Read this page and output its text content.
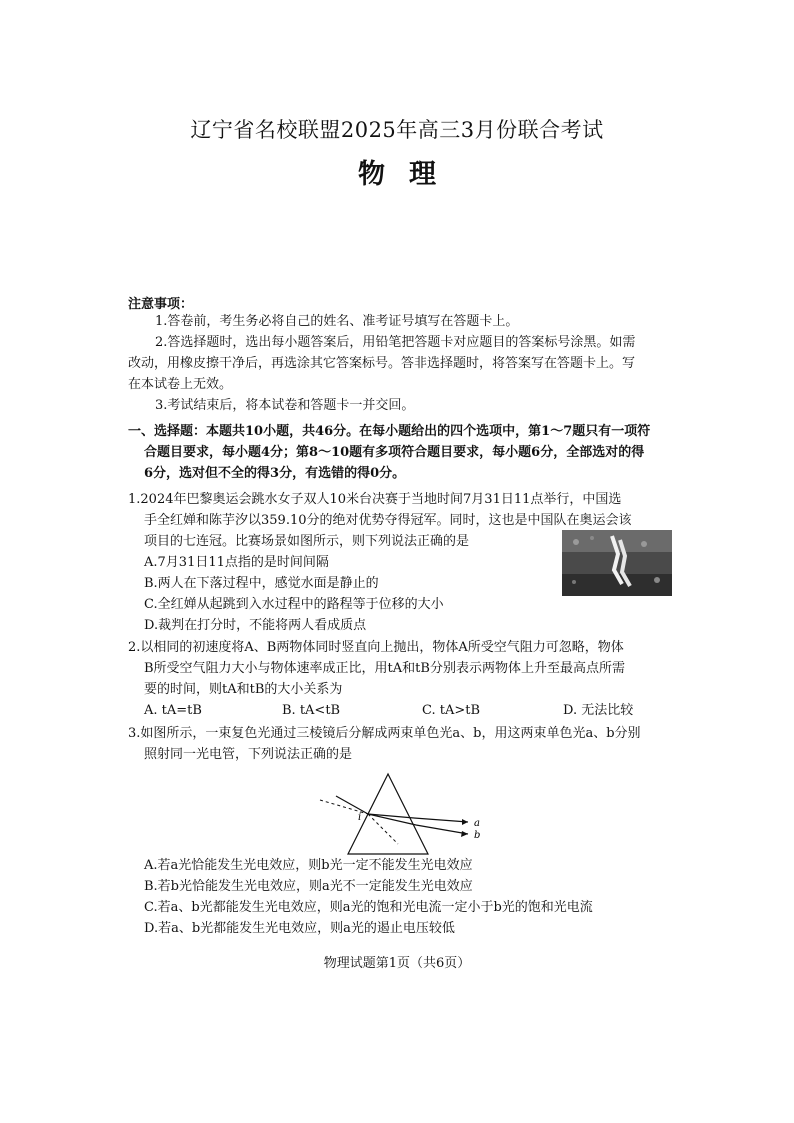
辽宁省名校联盟2025年高三3月份联合考试
物理
注意事项：
1.答卷前，考生务必将自己的姓名、准考证号填写在答题卡上。
2.答选择题时，选出每小题答案后，用铅笔把答题卡对应题目的答案标号涂黑。如需
改动，用橡皮擦干净后，再选涂其它答案标号。答非选择题时，将答案写在答题卡上。写
在本试卷上无效。
3.考试结束后，将本试卷和答题卡一并交回。
一、选择题：本题共10小题，共46分。在每小题给出的四个选项中，第1～7题只有一项符
合题目要求，每小题4分；第8～10题有多项符合题目要求，每小题6分，全部选对的得
6分，选对但不全的得3分，有选错的得0分。
1.2024年巴黎奥运会跳水女子双人10米台决赛于当地时间7月31日11点举行，中国选
手全红婵和陈芋汐以359.10分的绝对优势夺得冠军。同时，这也是中国队在奥运会该
项目的七连冠。比赛场景如图所示，则下列说法正确的是
A.7月31日11点指的是时间间隔
B.两人在下落过程中，感觉水面是静止的
C.全红婵从起跳到入水过程中的路程等于位移的大小
D.裁判在打分时，不能将两人看成质点
2.以相同的初速度将A、B两物体同时竖直向上抛出，物体A所受空气阻力可忽略，物体
B所受空气阻力大小与物体速率成正比，用tA和tB分别表示两物体上升至最高点所需
要的时间，则tA和tB的大小关系为
A. tA=tB	B. tA<tB	C. tA>tB	D. 无法比较
3.如图所示，一束复色光通过三棱镜后分解成两束单色光a、b，用这两束单色光a、b分别
照射同一光电管，下列说法正确的是
a
b
i
A.若a光恰能发生光电效应，则b光一定不能发生光电效应
B.若b光恰能发生光电效应，则a光不一定能发生光电效应
C.若a、b光都能发生光电效应，则a光的饱和光电流一定小于b光的饱和光电流
D.若a、b光都能发生光电效应，则a光的遏止电压较低
物理试题第1页（共6页）
